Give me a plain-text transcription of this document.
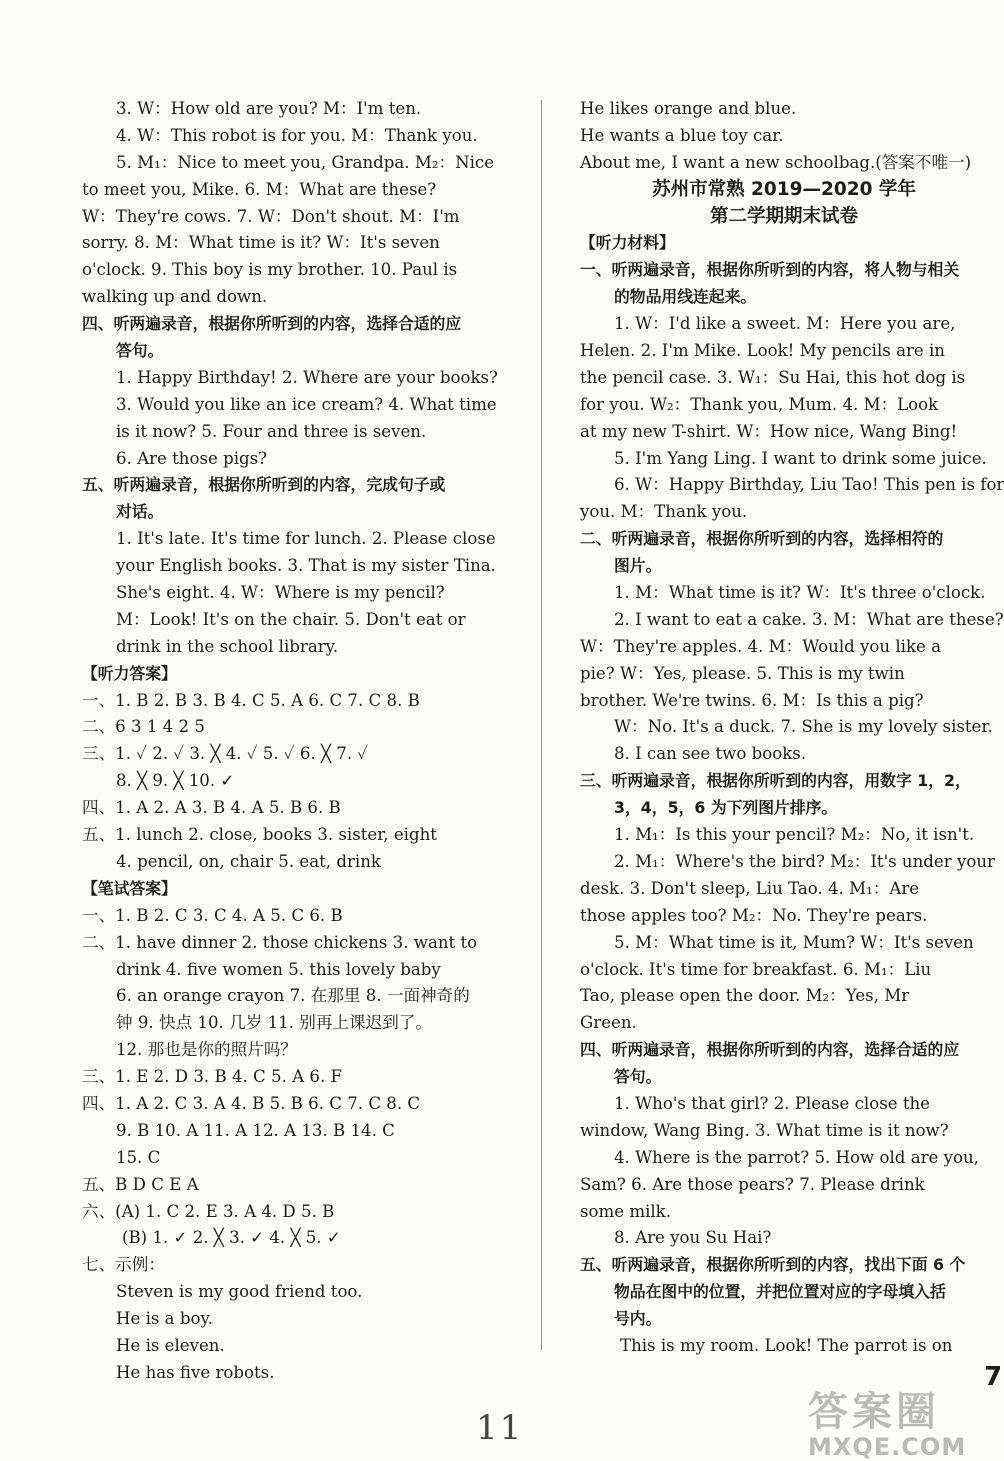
3. W：How old are you? M：I'm ten.
4. W：This robot is for you. M：Thank you.
5. M₁：Nice to meet you, Grandpa. M₂：Nice
to meet you, Mike. 6. M：What are these?
W：They're cows. 7. W：Don't shout. M：I'm
sorry. 8. M：What time is it? W：It's seven
o'clock. 9. This boy is my brother. 10. Paul is
walking up and down.
四、听两遍录音，根据你所听到的内容，选择合适的应
答句。
1. Happy Birthday! 2. Where are your books?
3. Would you like an ice cream? 4. What time
is it now? 5. Four and three is seven.
6. Are those pigs?
五、听两遍录音，根据你所听到的内容，完成句子或
对话。
1. It's late. It's time for lunch. 2. Please close
your English books. 3. That is my sister Tina.
She's eight. 4. W：Where is my pencil?
M：Look! It's on the chair. 5. Don't eat or
drink in the school library.
【听力答案】
一、1. B 2. B 3. B 4. C 5. A 6. C 7. C 8. B
二、6 3 1 4 2 5
三、1. ✓ 2. ✓ 3. ╳ 4. ✓ 5. ✓ 6. ╳ 7. ✓
8. ╳ 9. ╳ 10. ✓
四、1. A 2. A 3. B 4. A 5. B 6. B
五、1. lunch 2. close, books 3. sister, eight
4. pencil, on, chair 5. eat, drink
【笔试答案】
一、1. B 2. C 3. C 4. A 5. C 6. B
二、1. have dinner 2. those chickens 3. want to
drink 4. five women 5. this lovely baby
6. an orange crayon 7. 在那里 8. 一面神奇的
钟 9. 快点 10. 几岁 11. 别再上课迟到了。
12. 那也是你的照片吗？
三、1. E 2. D 3. B 4. C 5. A 6. F
四、1. A 2. C 3. A 4. B 5. B 6. C 7. C 8. C
9. B 10. A 11. A 12. A 13. B 14. C
15. C
五、B D C E A
六、(A) 1. C 2. E 3. A 4. D 5. B
(B) 1. ✓ 2. ╳ 3. ✓ 4. ╳ 5. ✓
七、示例：
Steven is my good friend too.
He is a boy.
He is eleven.
He has five robots.
He likes orange and blue.
He wants a blue toy car.
About me, I want a new schoolbag.(答案不唯一)
苏州市常熟 2019—2020 学年
第二学期期末试卷
【听力材料】
一、听两遍录音，根据你所听到的内容，将人物与相关
的物品用线连起来。
1. W：I'd like a sweet. M：Here you are,
Helen. 2. I'm Mike. Look! My pencils are in
the pencil case. 3. W₁：Su Hai, this hot dog is
for you. W₂：Thank you, Mum. 4. M：Look
at my new T-shirt. W：How nice, Wang Bing!
5. I'm Yang Ling. I want to drink some juice.
6. W：Happy Birthday, Liu Tao! This pen is for
you. M：Thank you.
二、听两遍录音，根据你所听到的内容，选择相符的
图片。
1. M：What time is it? W：It's three o'clock.
2. I want to eat a cake. 3. M：What are these?
W：They're apples. 4. M：Would you like a
pie? W：Yes, please. 5. This is my twin
brother. We're twins. 6. M：Is this a pig?
W：No. It's a duck. 7. She is my lovely sister.
8. I can see two books.
三、听两遍录音，根据你所听到的内容，用数字 1，2，
3，4，5，6 为下列图片排序。
1. M₁：Is this your pencil? M₂：No, it isn't.
2. M₁：Where's the bird? M₂：It's under your
desk. 3. Don't sleep, Liu Tao. 4. M₁：Are
those apples too? M₂：No. They're pears.
5. M：What time is it, Mum? W：It's seven
o'clock. It's time for breakfast. 6. M₁：Liu
Tao, please open the door. M₂：Yes, Mr
Green.
四、听两遍录音，根据你所听到的内容，选择合适的应
答句。
1. Who's that girl? 2. Please close the
window, Wang Bing. 3. What time is it now?
4. Where is the parrot? 5. How old are you,
Sam? 6. Are those pears? 7. Please drink
some milk.
8. Are you Su Hai?
五、听两遍录音，根据你所听到的内容，找出下面 6 个
物品在图中的位置，并把位置对应的字母填入括
号内。
This is my room. Look! The parrot is on
11
7
答案圈
MXQE.COM
